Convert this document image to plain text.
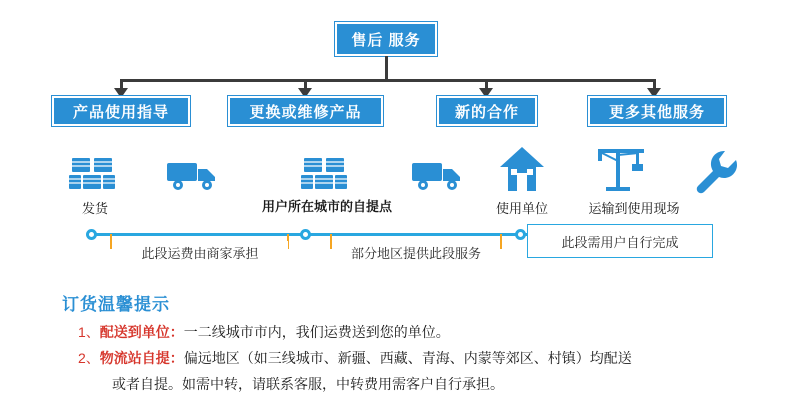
售后 服务
产品使用指导	更换或维修产品	新的合作	更多其他服务
发货	用户所在城市的自提点	使用单位	运输到使用现场
此段运费由商家承担	部分地区提供此段服务
此段需用户自行完成
订货温馨提示
1、配送到单位：一二线城市市内，我们运费送到您的单位。
2、物流站自提：偏远地区（如三线城市、新疆、西藏、青海、内蒙等郊区、村镇）均配送
或者自提。如需中转，请联系客服，中转费用需客户自行承担。
